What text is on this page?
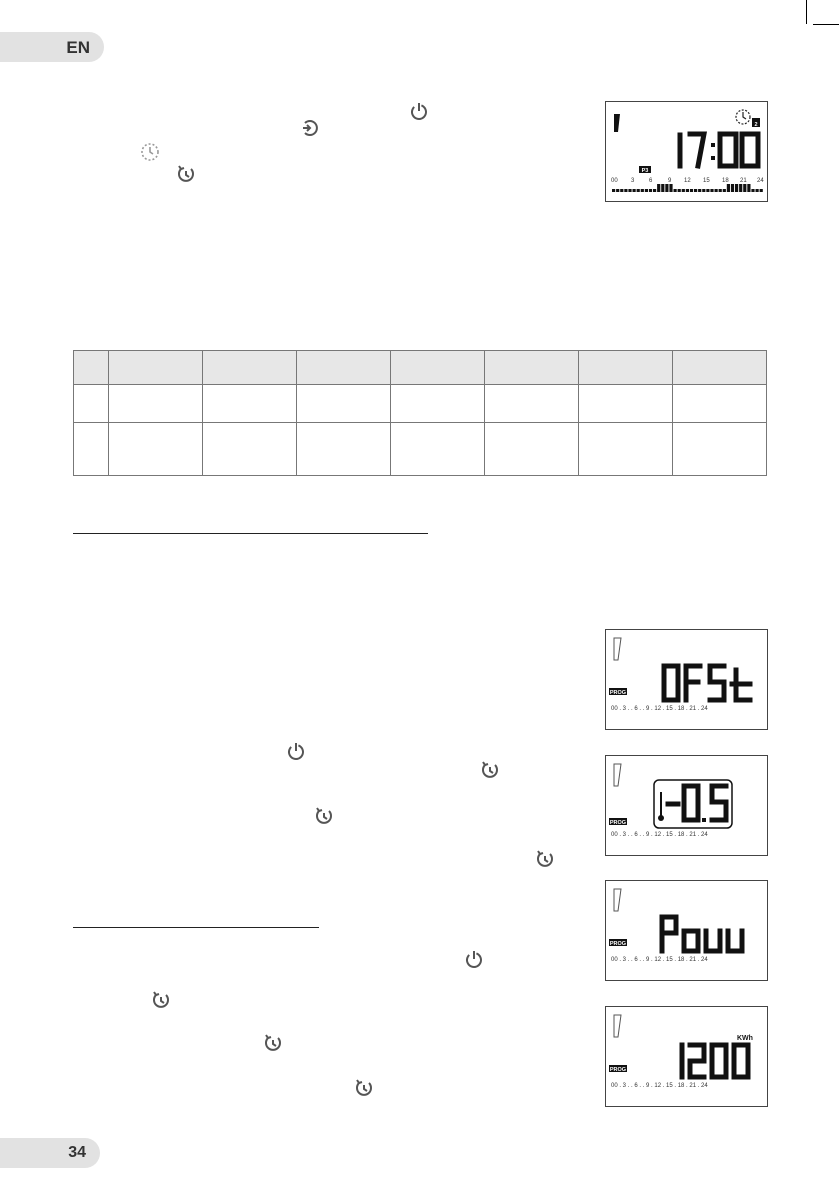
EN
2
P3
00 3 6	9 12 15 18 21 24

PROG
00 . 3 . . 6 . . 9 . 12 . 15 . 18 . 21 . 24
PROG
00 . 3 . . 6 . . 9 . 12 . 15 . 18 . 21 . 24
PROG
00 . 3 . . 6 . . 9 . 12 . 15 . 18 . 21 . 24
KWh
PROG
00 . 3 . . 6 . . 9 . 12 . 15 . 18 . 21 . 24
34
